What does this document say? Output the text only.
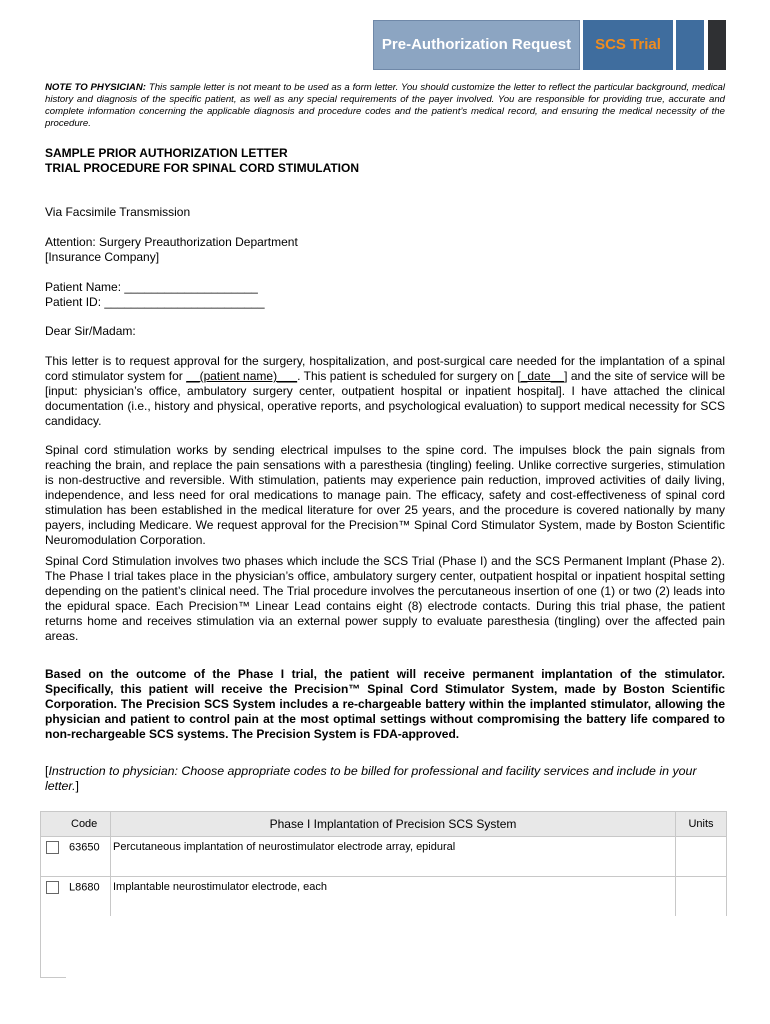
Pre-Authorization Request	SCS Trial
NOTE TO PHYSICIAN: This sample letter is not meant to be used as a form letter. You should customize the letter to reflect the particular background, medical history and diagnosis of the specific patient, as well as any special requirements of the payer involved. You are responsible for providing true, accurate and complete information concerning the applicable diagnosis and procedure codes and the patient’s medical record, and ensuring the medical necessity of the procedure.
SAMPLE PRIOR AUTHORIZATION LETTER
TRIAL PROCEDURE FOR SPINAL CORD STIMULATION
Via Facsimile Transmission
Attention: Surgery Preauthorization Department
[Insurance Company]
Patient Name: ____________________
Patient ID: ________________________
Dear Sir/Madam:
This letter is to request approval for the surgery, hospitalization, and post-surgical care needed for the implantation of a spinal cord stimulator system for __(patient name)___. This patient is scheduled for surgery on [_date__] and the site of service will be [input: physician’s office, ambulatory surgery center, outpatient hospital or inpatient hospital]. I have attached the clinical documentation (i.e., history and physical, operative reports, and psychological evaluation) to support medical necessity for SCS candidacy.
Spinal cord stimulation works by sending electrical impulses to the spine cord. The impulses block the pain signals from reaching the brain, and replace the pain sensations with a paresthesia (tingling) feeling. Unlike corrective surgeries, stimulation is non-destructive and reversible. With stimulation, patients may experience pain reduction, improved activities of daily living, independence, and less need for oral medications to manage pain. The efficacy, safety and cost-effectiveness of spinal cord stimulation has been established in the medical literature for over 25 years, and the procedure is covered nationally by many payers, including Medicare. We request approval for the Precision™ Spinal Cord Stimulator System, made by Boston Scientific Neuromodulation Corporation.
Spinal Cord Stimulation involves two phases which include the SCS Trial (Phase I) and the SCS Permanent Implant (Phase 2). The Phase I trial takes place in the physician’s office, ambulatory surgery center, outpatient hospital or inpatient hospital setting depending on the patient’s clinical need. The Trial procedure involves the percutaneous insertion of one (1) or two (2) leads into the epidural space. Each Precision™ Linear Lead contains eight (8) electrode contacts. During this trial phase, the patient returns home and receives stimulation via an external power supply to evaluate paresthesia (tingling) over the affected pain areas.
Based on the outcome of the Phase I trial, the patient will receive permanent implantation of the stimulator. Specifically, this patient will receive the Precision™ Spinal Cord Stimulator System, made by Boston Scientific Corporation. The Precision SCS System includes a re-chargeable battery within the implanted stimulator, allowing the physician and patient to control pain at the most optimal settings without compromising the battery life compared to non-rechargeable SCS systems. The Precision System is FDA-approved.
[Instruction to physician: Choose appropriate codes to be billed for professional and facility services and include in your letter.]
Code	Phase I Implantation of Precision SCS System	Units
63650	Percutaneous implantation of neurostimulator electrode array, epidural	
L8680	Implantable neurostimulator electrode, each	
